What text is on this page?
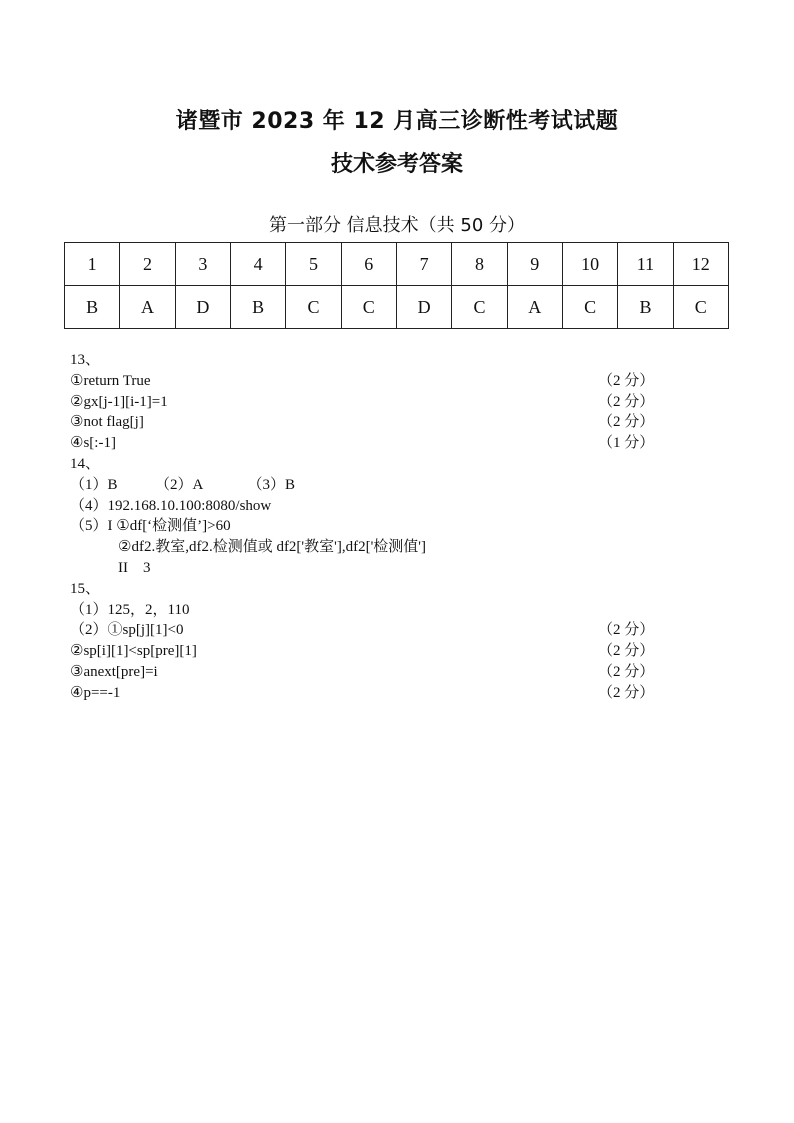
诸暨市 2023 年 12 月高三诊断性考试试题
技术参考答案
第一部分 信息技术（共 50 分）
1	2	3	4	5	6	7	8	9	10	11	12
B	A	D	B	C	C	D	C	A	C	B	C
13、
①return True	（2 分）
②gx[j-1][i-1]=1	（2 分）
③not flag[j]	（2 分）
④s[:-1]	（1 分）
14、
（1）B          （2）A            （3）B
（4）192.168.10.100:8080/show
（5）I ①df[‘检测值’]>60
②df2.教室,df2.检测值或 df2['教室'],df2['检测值']
II    3
15、
（1）125，2，110
（2）①sp[j][1]<0	（2 分）
②sp[i][1]<sp[pre][1]	（2 分）
③anext[pre]=i	（2 分）
④p==-1	（2 分）
